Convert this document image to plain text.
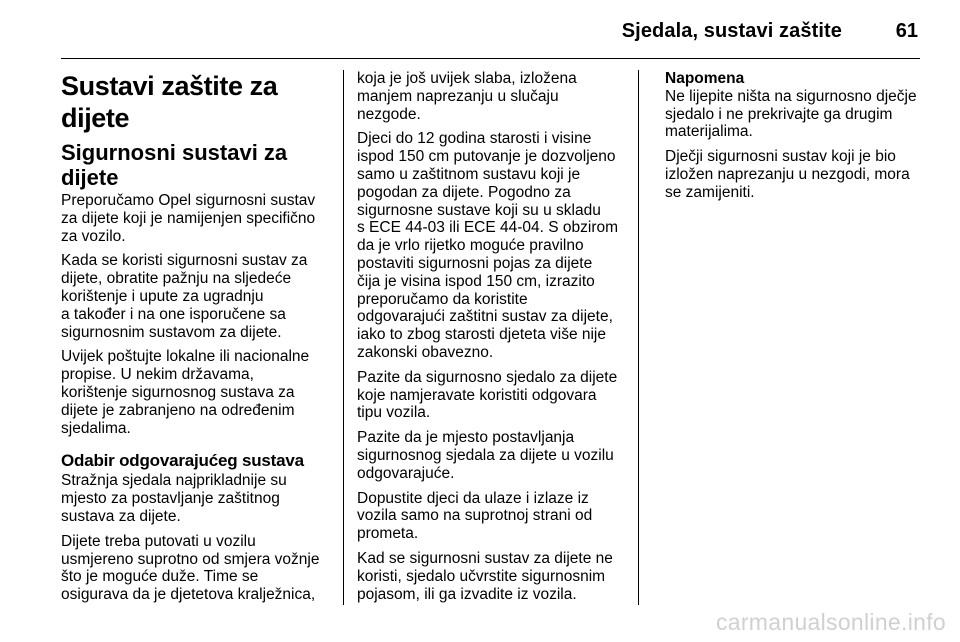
Sjedala, sustavi zaštite	61
Sustavi zaštite za dijete
Sigurnosni sustavi za dijete

Preporučamo Opel sigurnosni sustav
za dijete koji je namijenjen specifično
za vozilo.

Kada se koristi sigurnosni sustav za
dijete, obratite pažnju na sljedeće
korištenje i upute za ugradnju
a također i na one isporučene sa
sigurnosnim sustavom za dijete.

Uvijek poštujte lokalne ili nacionalne
propise. U nekim državama,
korištenje sigurnosnog sustava za
dijete je zabranjeno na određenim
sjedalima.

Odabir odgovarajućeg sustava

Stražnja sjedala najprikladnije su
mjesto za postavljanje zaštitnog
sustava za dijete.

Dijete treba putovati u vozilu
usmjereno suprotno od smjera vožnje
što je moguće duže. Time se
osigurava da je djetetova kralježnica,

koja je još uvijek slaba, izložena
manjem naprezanju u slučaju
nezgode.

Djeci do 12 godina starosti i visine
ispod 150 cm putovanje je dozvoljeno
samo u zaštitnom sustavu koji je
pogodan za dijete. Pogodno za
sigurnosne sustave koji su u skladu
s ECE 44-03 ili ECE 44-04. S obzirom
da je vrlo rijetko moguće pravilno
postaviti sigurnosni pojas za dijete
čija je visina ispod 150 cm, izrazito
preporučamo da koristite
odgovarajući zaštitni sustav za dijete,
iako to zbog starosti djeteta više nije
zakonski obavezno.

Pazite da sigurnosno sjedalo za dijete
koje namjeravate koristiti odgovara
tipu vozila.

Pazite da je mjesto postavljanja
sigurnosnog sjedala za dijete u vozilu
odgovarajuće.

Dopustite djeci da ulaze i izlaze iz
vozila samo na suprotnoj strani od
prometa.

Kad se sigurnosni sustav za dijete ne
koristi, sjedalo učvrstite sigurnosnim
pojasom, ili ga izvadite iz vozila.

Napomena

Ne lijepite ništa na sigurnosno dječje
sjedalo i ne prekrivajte ga drugim
materijalima.

Dječji sigurnosni sustav koji je bio
izložen naprezanju u nezgodi, mora
se zamijeniti.

carmanualsonline.info
